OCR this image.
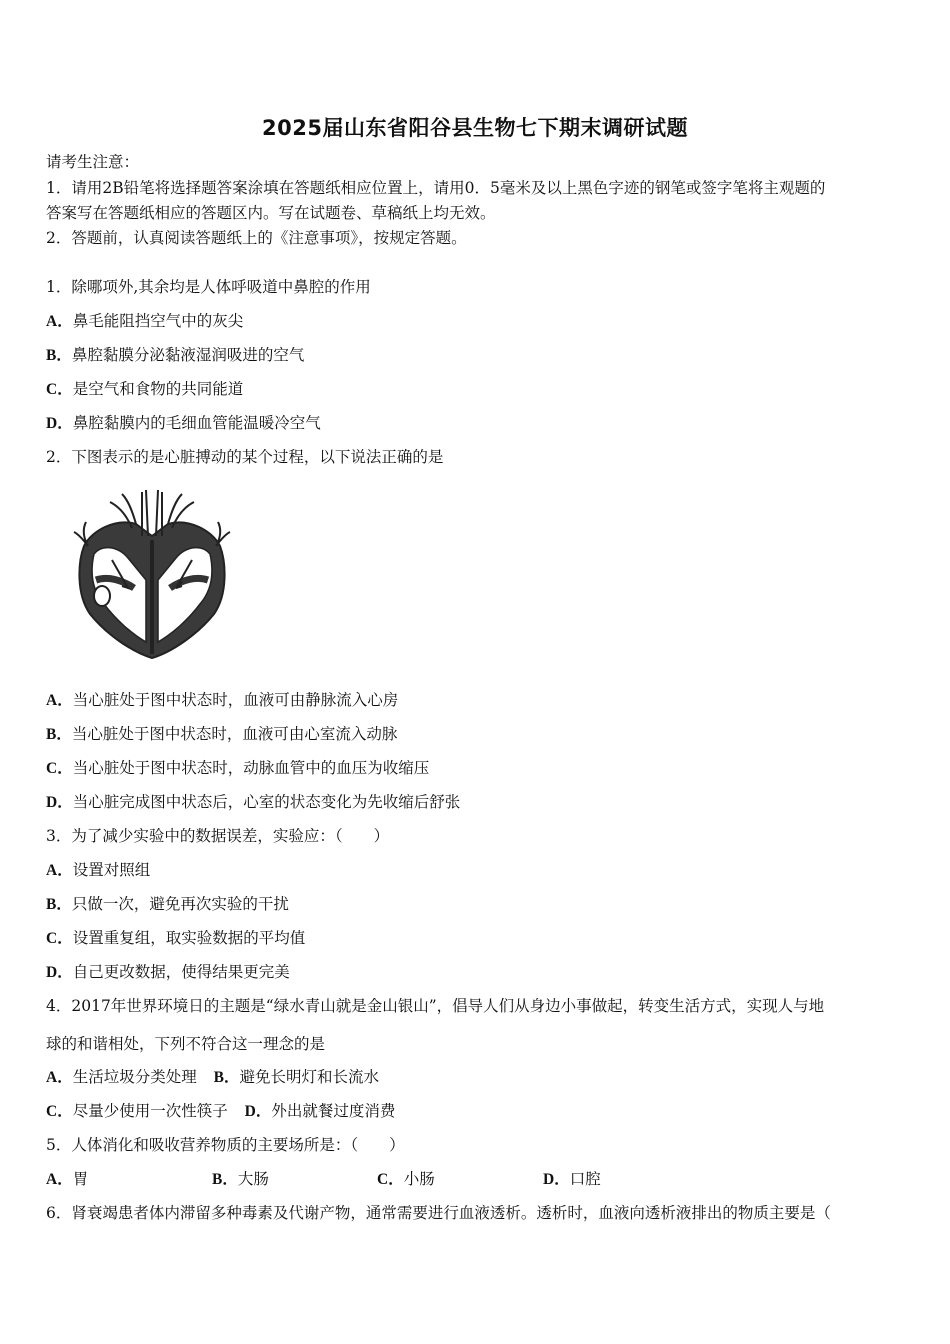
2025届山东省阳谷县生物七下期末调研试题
请考生注意：
1．请用2B铅笔将选择题答案涂填在答题纸相应位置上，请用0．5毫米及以上黑色字迹的钢笔或签字笔将主观题的
答案写在答题纸相应的答题区内。写在试题卷、草稿纸上均无效。
2．答题前，认真阅读答题纸上的《注意事项》，按规定答题。
1．除哪项外,其余均是人体呼吸道中鼻腔的作用
A．鼻毛能阻挡空气中的灰尖
B．鼻腔黏膜分泌黏液湿润吸进的空气
C．是空气和食物的共同能道
D．鼻腔黏膜内的毛细血管能温暖冷空气
2．下图表示的是心脏搏动的某个过程，以下说法正确的是
A．当心脏处于图中状态时，血液可由静脉流入心房
B．当心脏处于图中状态时，血液可由心室流入动脉
C．当心脏处于图中状态时，动脉血管中的血压为收缩压
D．当心脏完成图中状态后，心室的状态变化为先收缩后舒张
3．为了减少实验中的数据误差，实验应：（　　）
A．设置对照组
B．只做一次，避免再次实验的干扰
C．设置重复组，取实验数据的平均值
D．自己更改数据，使得结果更完美
4．2017年世界环境日的主题是“绿水青山就是金山银山”，倡导人们从身边小事做起，转变生活方式，实现人与地
球的和谐相处，下列不符合这一理念的是
A．生活垃圾分类处理 B．避免长明灯和长流水
C．尽量少使用一次性筷子 D．外出就餐过度消费
5．人体消化和吸收营养物质的主要场所是：（　　）
A．胃	B．大肠	C．小肠	D．口腔
6．肾衰竭患者体内滞留多种毒素及代谢产物，通常需要进行血液透析。透析时，血液向透析液排出的物质主要是（
